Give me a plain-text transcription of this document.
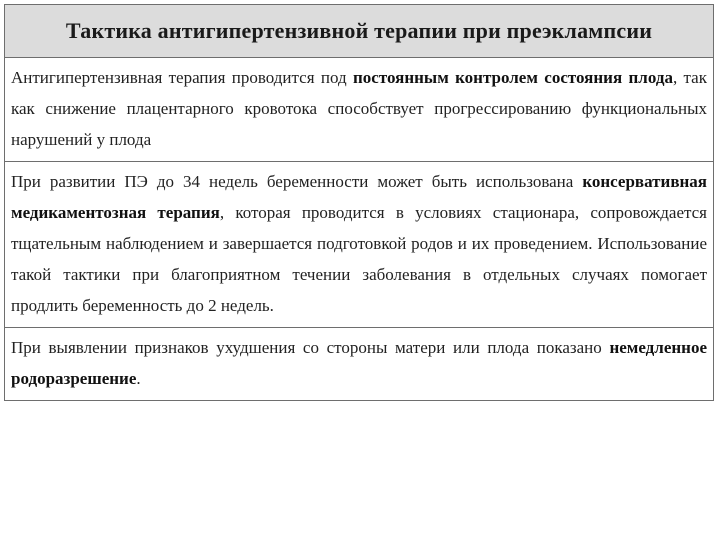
Тактика антигипертензивной терапии при преэклампсии
Антигипертензивная терапия проводится под постоянным контролем состояния плода, так как снижение плацентарного кровотока способствует прогрессированию функциональных нарушений у плода
При развитии ПЭ до 34 недель беременности может быть использована консервативная медикаментозная терапия, которая проводится в условиях стационара, сопровождается тщательным наблюдением и завершается подготовкой родов и их проведением. Использование такой тактики при благоприятном течении заболевания в отдельных случаях помогает продлить беременность до 2 недель.
При выявлении признаков ухудшения со стороны матери или плода показано немедленное родоразрешение.
